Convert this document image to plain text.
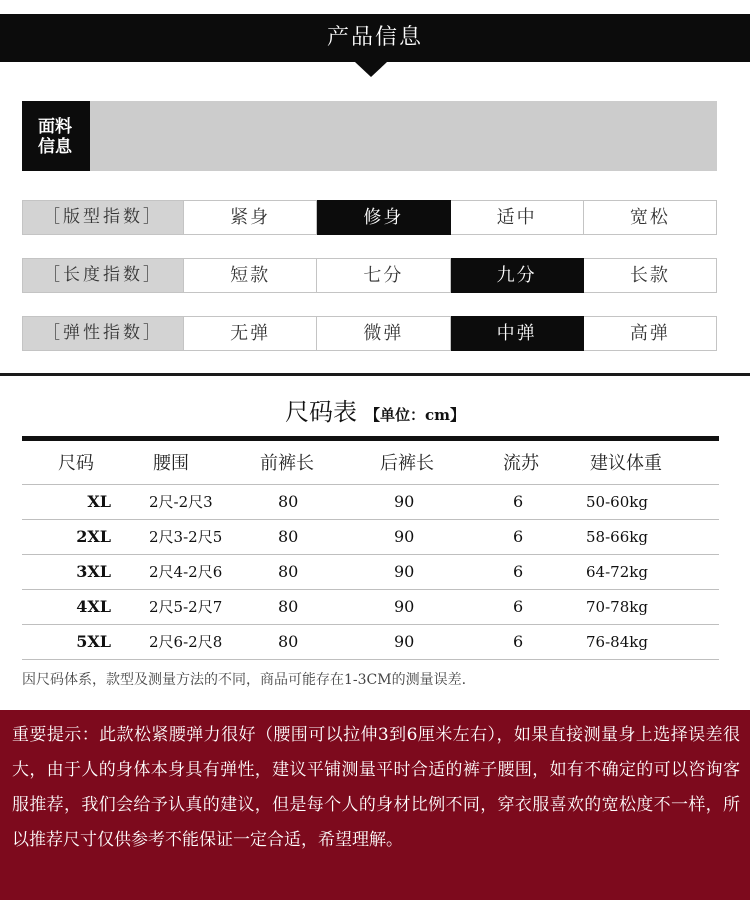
产品信息
面料
信息
［版型指数］	紧身	修身	适中	宽松
［长度指数］	短款	七分	九分	长款
［弹性指数］	无弹	微弹	中弹	高弹
尺码表 【单位：cm】
尺码	腰围	前裤长	后裤长	流苏	建议体重
XL	2尺-2尺3	80	90	6	50-60kg
2XL	2尺3-2尺5	80	90	6	58-66kg
3XL	2尺4-2尺6	80	90	6	64-72kg
4XL	2尺5-2尺7	80	90	6	70-78kg
5XL	2尺6-2尺8	80	90	6	76-84kg
因尺码体系，款型及测量方法的不同，商品可能存在1-3CM的测量误差.

重要提示：此款松紧腰弹力很好（腰围可以拉伸3到6厘米左右），如果直接测量身上选择误差很大，由于人的身体本身具有弹性，建议平铺测量平时合适的裤子腰围，如有不确定的可以咨询客服推荐，我们会给予认真的建议，但是每个人的身材比例不同，穿衣服喜欢的宽松度不一样，所以推荐尺寸仅供参考不能保证一定合适，希望理解。
